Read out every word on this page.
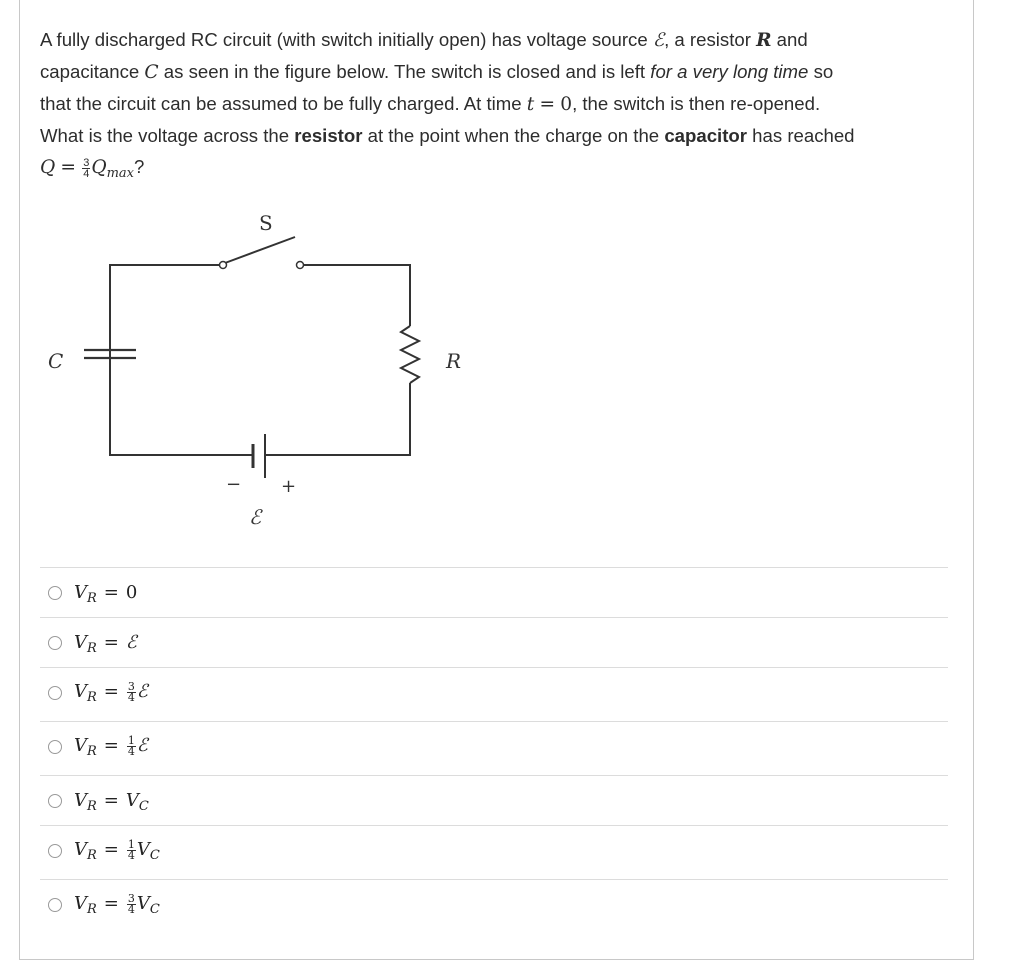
A fully discharged RC circuit (with switch initially open) has voltage source ℰ, a resistor R and

capacitance C as seen in the figure below. The switch is closed and is left for a very long time so

that the circuit can be assumed to be fully charged. At time t = 0, the switch is then re-opened.

What is the voltage across the resistor at the point when the charge on the capacitor has reached

$Q = \frac{3}{4} Q_{max}$?

S
C	R
− +
ℰ
$V_R = 0$
$V_R$ = ℰ
$V_R = \frac{3}{4}$ ℰ
$V_R = \frac{1}{4}$ ℰ
$V_R = V_C$
$V_R = \frac{1}{4} V_C$
$V_R = \frac{3}{4} V_C$
